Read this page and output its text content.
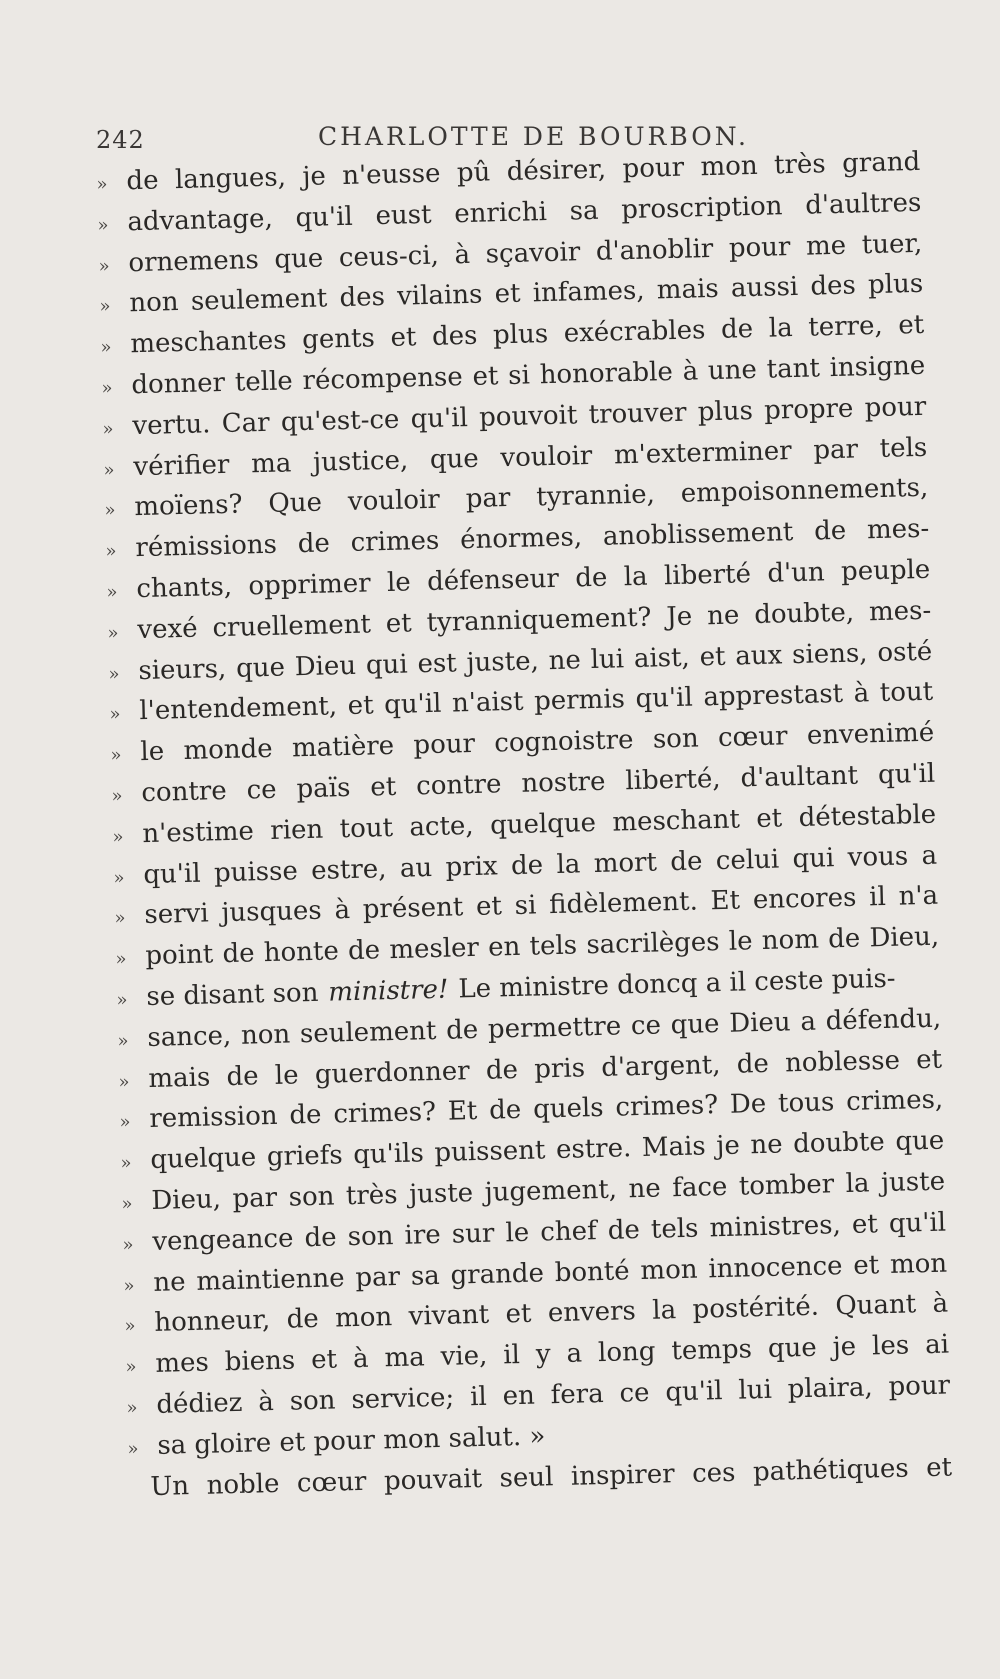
242	CHARLOTTE DE BOURBON.
» de langues, je n'eusse pû désirer, pour mon très grand
» advantage, qu'il eust enrichi sa proscription d'aultres
» ornemens que ceus-ci, à sçavoir d'anoblir pour me tuer,
» non seulement des vilains et infames, mais aussi des plus
» meschantes gents et des plus exécrables de la terre, et
» donner telle récompense et si honorable à une tant insigne
» vertu. Car qu'est-ce qu'il pouvoit trouver plus propre pour
» vérifier ma justice, que vouloir m'exterminer par tels
» moïens? Que vouloir par tyrannie, empoisonnements,
» rémissions de crimes énormes, anoblissement de mes-
» chants, opprimer le défenseur de la liberté d'un peuple
» vexé cruellement et tyranniquement? Je ne doubte, mes-
» sieurs, que Dieu qui est juste, ne lui aist, et aux siens, osté
» l'entendement, et qu'il n'aist permis qu'il apprestast à tout
» le monde matière pour cognoistre son cœur envenimé
» contre ce païs et contre nostre liberté, d'aultant qu'il
» n'estime rien tout acte, quelque meschant et détestable
» qu'il puisse estre, au prix de la mort de celui qui vous a
» servi jusques à présent et si fidèlement. Et encores il n'a
» point de honte de mesler en tels sacrilèges le nom de Dieu,
» se disant son ministre! Le ministre doncq a il ceste puis-
» sance, non seulement de permettre ce que Dieu a défendu,
» mais de le guerdonner de pris d'argent, de noblesse et
» remission de crimes? Et de quels crimes? De tous crimes,
» quelque griefs qu'ils puissent estre. Mais je ne doubte que
» Dieu, par son très juste jugement, ne face tomber la juste
» vengeance de son ire sur le chef de tels ministres, et qu'il
» ne maintienne par sa grande bonté mon innocence et mon
» honneur, de mon vivant et envers la postérité. Quant à
» mes biens et à ma vie, il y a long temps que je les ai
» dédiez à son service; il en fera ce qu'il lui plaira, pour
» sa gloire et pour mon salut. »
Un noble cœur pouvait seul inspirer ces pathétiques et
